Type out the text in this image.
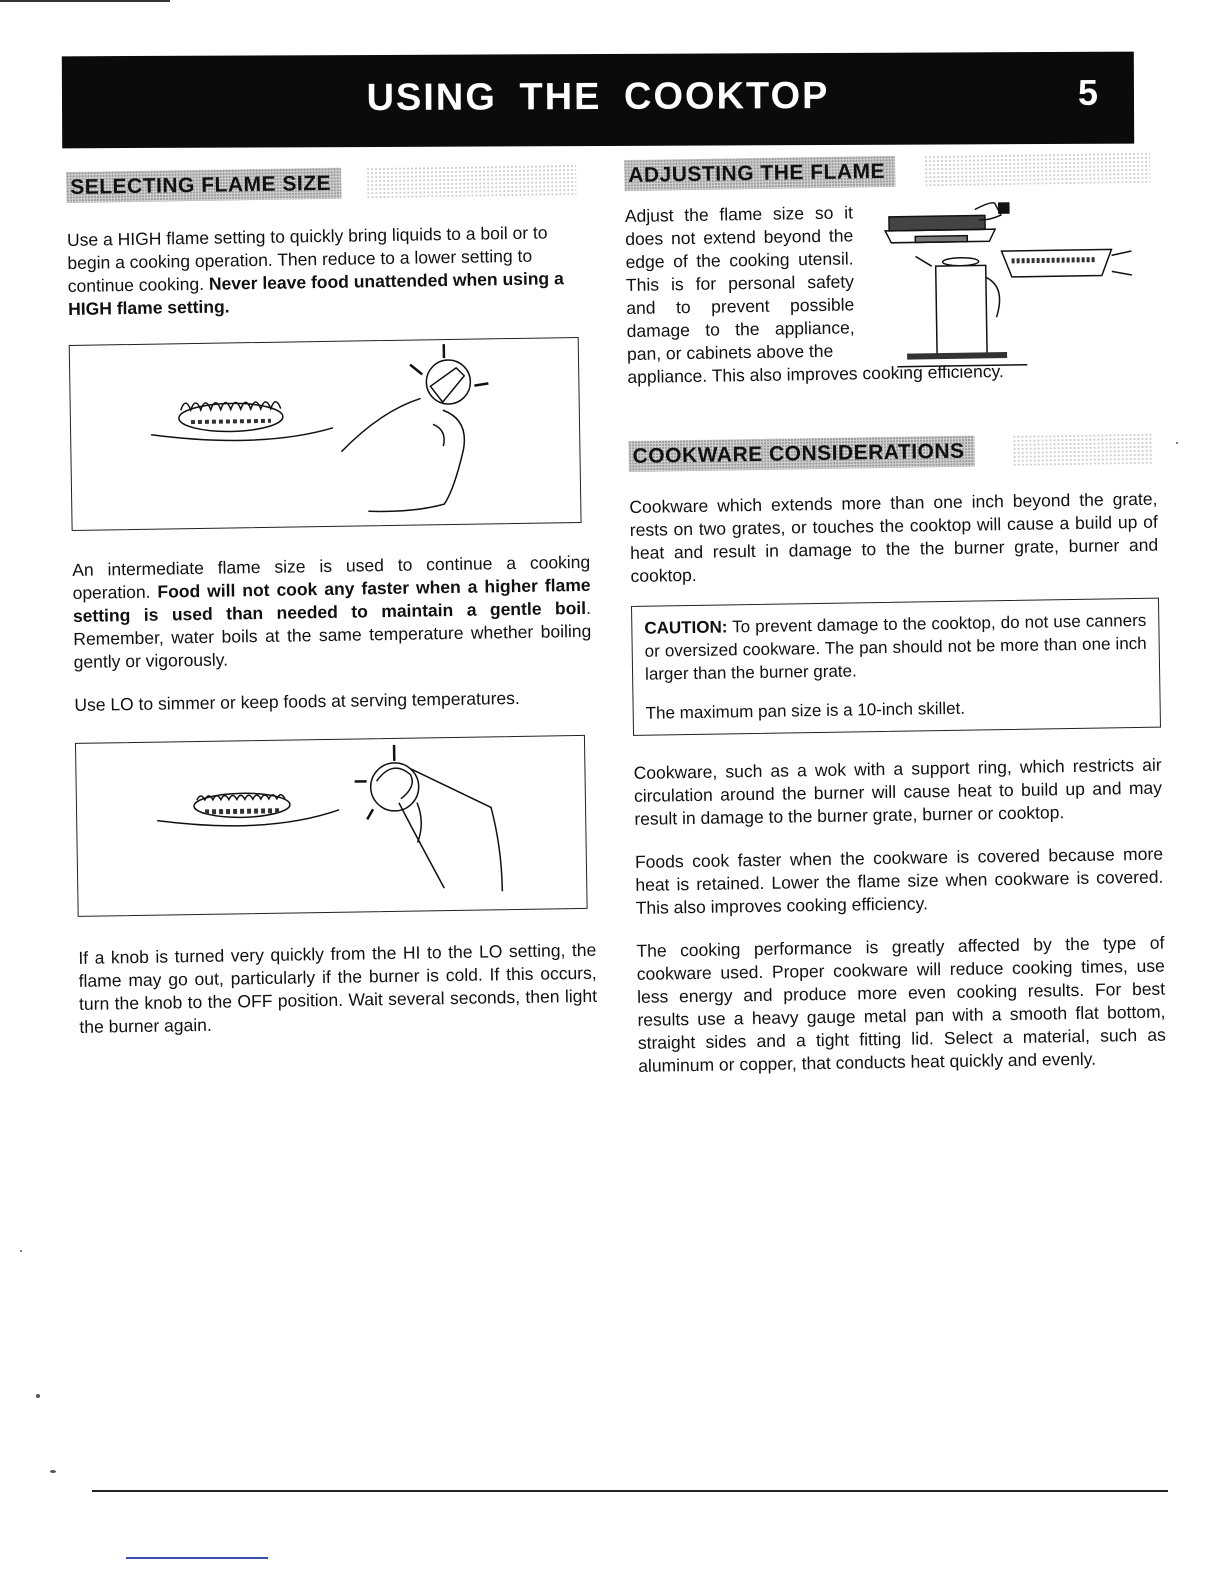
USING THE COOKTOP	5
SELECTING FLAME SIZE

Use a HIGH flame setting to quickly bring liquids to a boil or to begin a cooking operation. Then reduce to a lower setting to continue cooking. Never leave food unattended when using a HIGH flame setting.

An intermediate flame size is used to continue a cooking operation. Food will not cook any faster when a higher flame setting is used than needed to maintain a gentle boil. Remember, water boils at the same temperature whether boiling gently or vigorously.

Use LO to simmer or keep foods at serving temperatures.

If a knob is turned very quickly from the HI to the LO setting, the flame may go out, particularly if the burner is cold. If this occurs, turn the knob to the OFF position. Wait several seconds, then light the burner again.

ADJUSTING THE FLAME

Adjust the flame size so it does not extend beyond the edge of the cooking utensil. This is for personal safety and to prevent possible damage to the appliance, pan, or cabinets above the

appliance. This also improves cooking efficiency.

COOKWARE CONSIDERATIONS

Cookware which extends more than one inch beyond the grate, rests on two grates, or touches the cooktop will cause a build up of heat and result in damage to the the burner grate, burner and cooktop.

CAUTION: To prevent damage to the cooktop, do not use canners or oversized cookware. The pan should not be more than one inch larger than the burner grate.

The maximum pan size is a 10-inch skillet.

Cookware, such as a wok with a support ring, which restricts air circulation around the burner will cause heat to build up and may result in damage to the burner grate, burner or cooktop.

Foods cook faster when the cookware is covered because more heat is retained. Lower the flame size when cookware is covered. This also improves cooking efficiency.

The cooking performance is greatly affected by the type of cookware used. Proper cookware will reduce cooking times, use less energy and produce more even cooking results. For best results use a heavy gauge metal pan with a smooth flat bottom, straight sides and a tight fitting lid. Select a material, such as aluminum or copper, that conducts heat quickly and evenly.
